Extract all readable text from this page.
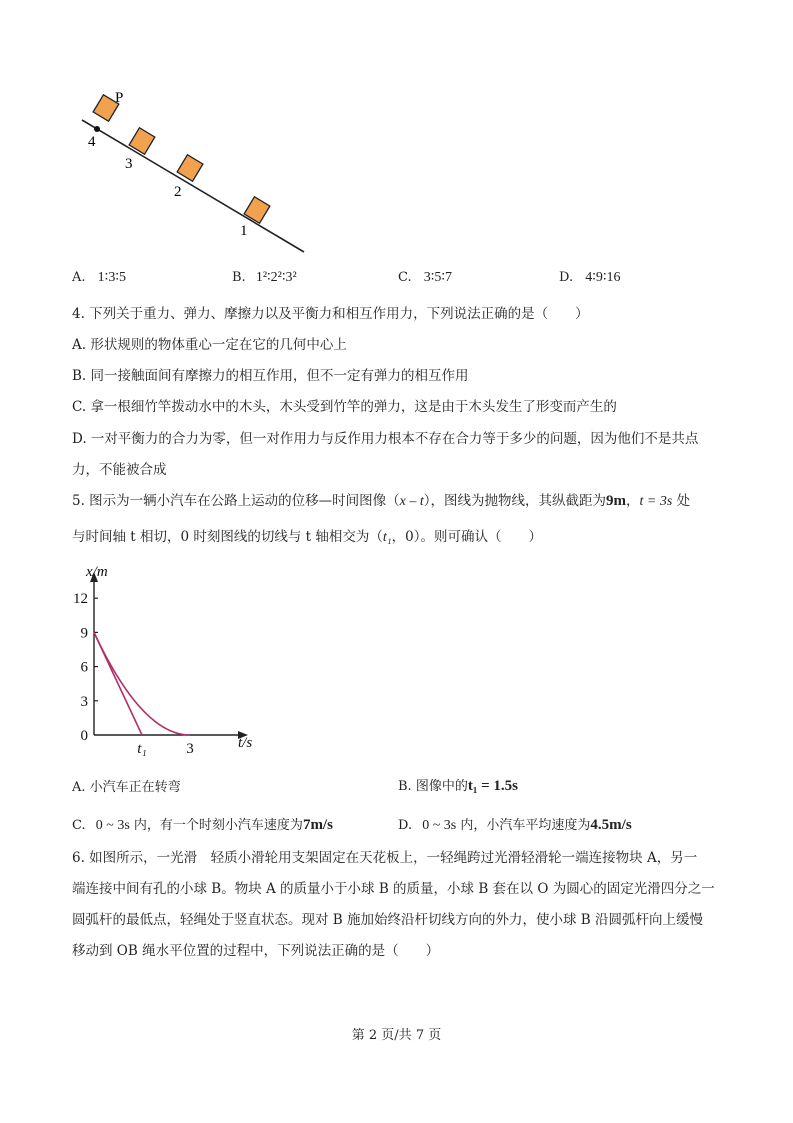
P
4
3
2
1
A. 1∶3∶5	B. 1²∶2²∶3²	C. 3∶5∶7	D. 4∶9∶16
4. 下列关于重力、弹力、摩擦力以及平衡力和相互作用力，下列说法正确的是（　　）
A. 形状规则的物体重心一定在它的几何中心上
B. 同一接触面间有摩擦力的相互作用，但不一定有弹力的相互作用
C. 拿一根细竹竿拨动水中的木头，木头受到竹竿的弹力，这是由于木头发生了形变而产生的
D. 一对平衡力的合力为零，但一对作用力与反作用力根本不存在合力等于多少的问题，因为他们不是共点
力，不能被合成
5. 图示为一辆小汽车在公路上运动的位移—时间图像（x – t），图线为抛物线，其纵截距为9m，t = 3s 处
与时间轴 t 相切，0 时刻图线的切线与 t 轴相交为（t₁，0）。则可确认（　　）
12
9
6
3
0
t₁	3
x/m
t/s
A. 小汽车正在转弯	B. 图像中的t₁ = 1.5s
C. 0 ~ 3s 内，有一个时刻小汽车速度为7m/s	D. 0 ~ 3s 内，小汽车平均速度为4.5m/s
6. 如图所示，一光滑　轻质小滑轮用支架固定在天花板上，一轻绳跨过光滑轻滑轮一端连接物块 A，另一
端连接中间有孔的小球 B。物块 A 的质量小于小球 B 的质量，小球 B 套在以 O 为圆心的固定光滑四分之一
圆弧杆的最低点，轻绳处于竖直状态。现对 B 施加始终沿杆切线方向的外力，使小球 B 沿圆弧杆向上缓慢
移动到 OB 绳水平位置的过程中，下列说法正确的是（　　）
第 2 页/共 7 页
